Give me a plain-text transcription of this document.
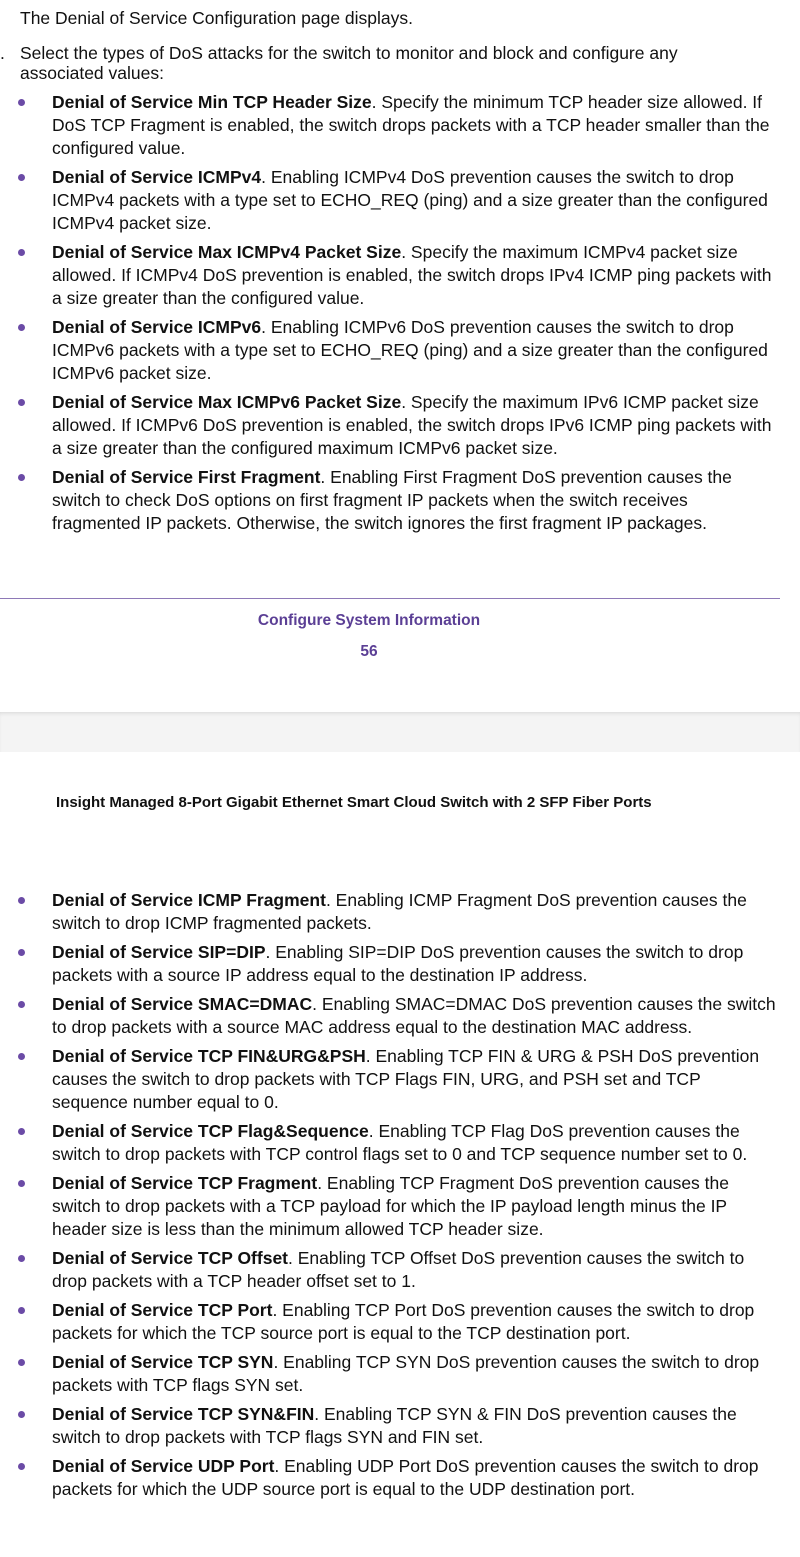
The Denial of Service Configuration page displays.

. Select the types of DoS attacks for the switch to monitor and block and configure any associated values:
Denial of Service Min TCP Header Size. Specify the minimum TCP header size allowed. If DoS TCP Fragment is enabled, the switch drops packets with a TCP header smaller than the configured value.
Denial of Service ICMPv4. Enabling ICMPv4 DoS prevention causes the switch to drop ICMPv4 packets with a type set to ECHO_REQ (ping) and a size greater than the configured ICMPv4 packet size.
Denial of Service Max ICMPv4 Packet Size. Specify the maximum ICMPv4 packet size allowed. If ICMPv4 DoS prevention is enabled, the switch drops IPv4 ICMP ping packets with a size greater than the configured value.
Denial of Service ICMPv6. Enabling ICMPv6 DoS prevention causes the switch to drop ICMPv6 packets with a type set to ECHO_REQ (ping) and a size greater than the configured ICMPv6 packet size.
Denial of Service Max ICMPv6 Packet Size. Specify the maximum IPv6 ICMP packet size allowed. If ICMPv6 DoS prevention is enabled, the switch drops IPv6 ICMP ping packets with a size greater than the configured maximum ICMPv6 packet size.
Denial of Service First Fragment. Enabling First Fragment DoS prevention causes the switch to check DoS options on first fragment IP packets when the switch receives fragmented IP packets. Otherwise, the switch ignores the first fragment IP packages.
Configure System Information
56
Insight Managed 8-Port Gigabit Ethernet Smart Cloud Switch with 2 SFP Fiber Ports
Denial of Service ICMP Fragment. Enabling ICMP Fragment DoS prevention causes the switch to drop ICMP fragmented packets.
Denial of Service SIP=DIP. Enabling SIP=DIP DoS prevention causes the switch to drop packets with a source IP address equal to the destination IP address.
Denial of Service SMAC=DMAC. Enabling SMAC=DMAC DoS prevention causes the switch to drop packets with a source MAC address equal to the destination MAC address.
Denial of Service TCP FIN&URG&PSH. Enabling TCP FIN & URG & PSH DoS prevention causes the switch to drop packets with TCP Flags FIN, URG, and PSH set and TCP sequence number equal to 0.
Denial of Service TCP Flag&Sequence. Enabling TCP Flag DoS prevention causes the switch to drop packets with TCP control flags set to 0 and TCP sequence number set to 0.
Denial of Service TCP Fragment. Enabling TCP Fragment DoS prevention causes the switch to drop packets with a TCP payload for which the IP payload length minus the IP header size is less than the minimum allowed TCP header size.
Denial of Service TCP Offset. Enabling TCP Offset DoS prevention causes the switch to drop packets with a TCP header offset set to 1.
Denial of Service TCP Port. Enabling TCP Port DoS prevention causes the switch to drop packets for which the TCP source port is equal to the TCP destination port.
Denial of Service TCP SYN. Enabling TCP SYN DoS prevention causes the switch to drop packets with TCP flags SYN set.
Denial of Service TCP SYN&FIN. Enabling TCP SYN & FIN DoS prevention causes the switch to drop packets with TCP flags SYN and FIN set.
Denial of Service UDP Port. Enabling UDP Port DoS prevention causes the switch to drop packets for which the UDP source port is equal to the UDP destination port.
